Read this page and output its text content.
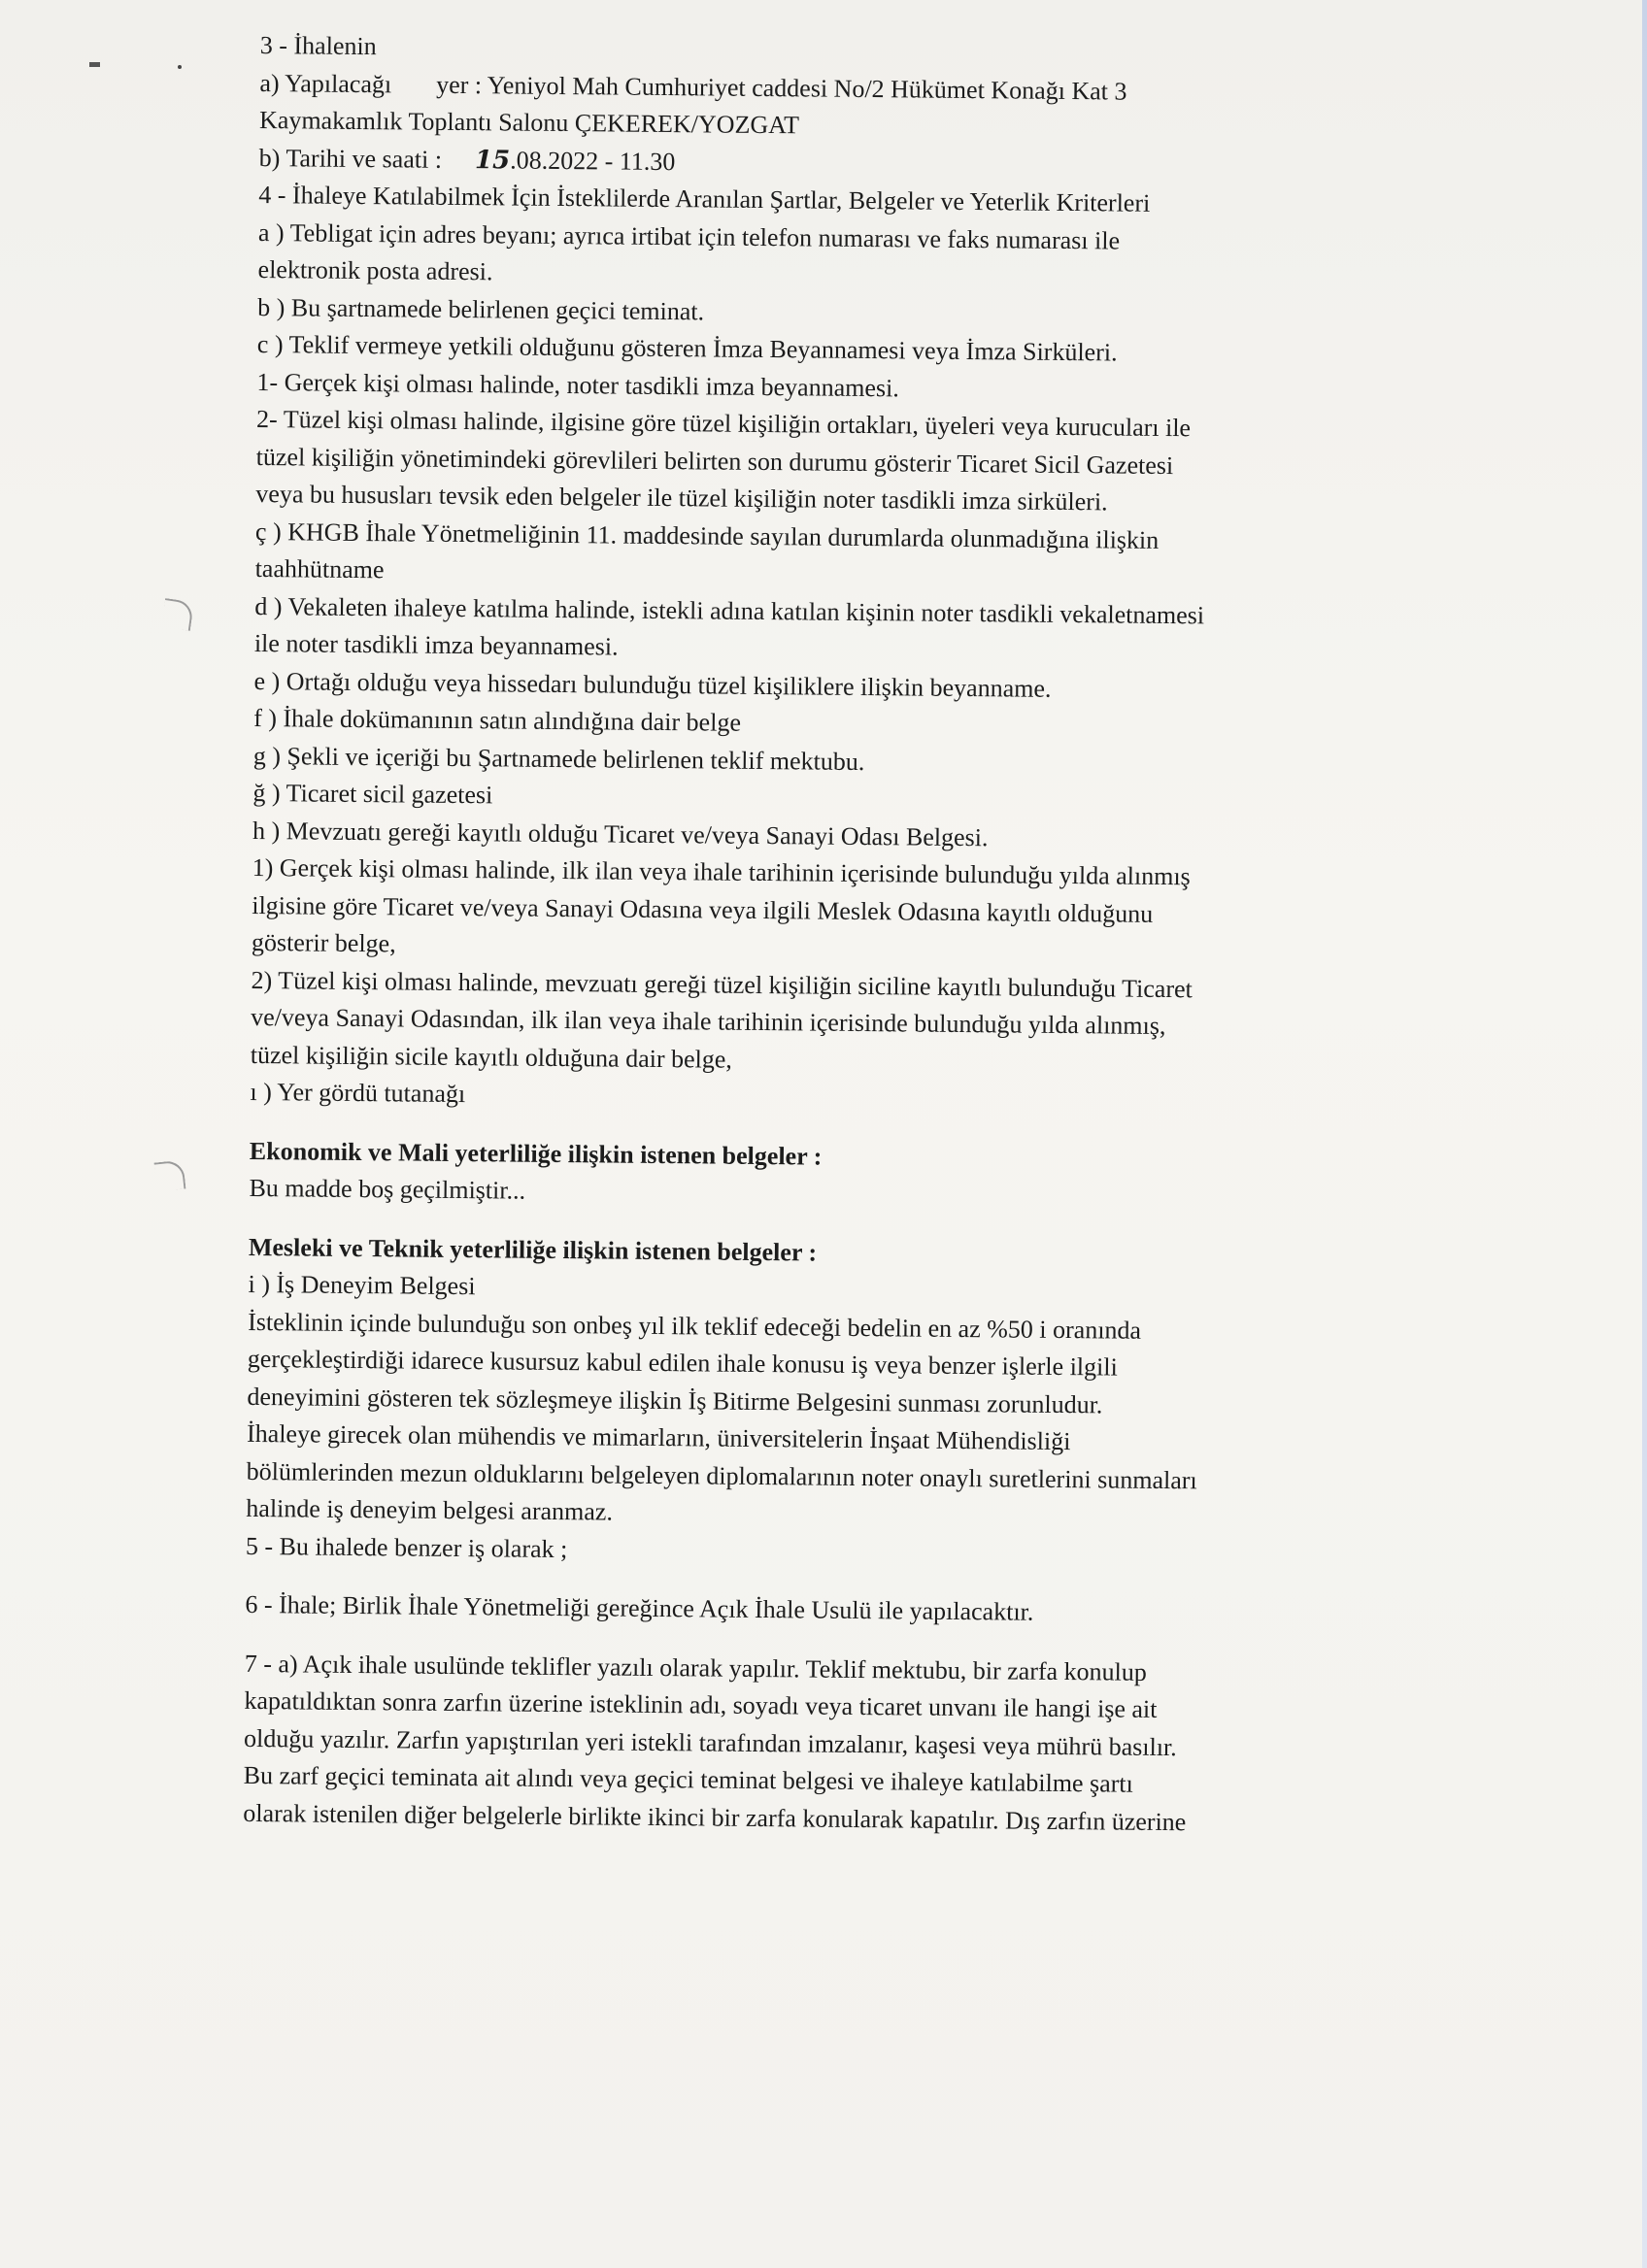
3 - İhalenin
a) Yapılacağı yer : Yeniyol Mah Cumhuriyet caddesi No/2 Hükümet Konağı Kat 3
Kaymakamlık Toplantı Salonu ÇEKEREK/YOZGAT
b) Tarihi ve saati : 15.08.2022 - 11.30
4 - İhaleye Katılabilmek İçin İsteklilerde Aranılan Şartlar, Belgeler ve Yeterlik Kriterleri
a ) Tebligat için adres beyanı; ayrıca irtibat için telefon numarası ve faks numarası ile
elektronik posta adresi.
b ) Bu şartnamede belirlenen geçici teminat.
c ) Teklif vermeye yetkili olduğunu gösteren İmza Beyannamesi veya İmza Sirküleri.
1- Gerçek kişi olması halinde, noter tasdikli imza beyannamesi.
2- Tüzel kişi olması halinde, ilgisine göre tüzel kişiliğin ortakları, üyeleri veya kurucuları ile
tüzel kişiliğin yönetimindeki görevlileri belirten son durumu gösterir Ticaret Sicil Gazetesi
veya bu hususları tevsik eden belgeler ile tüzel kişiliğin noter tasdikli imza sirküleri.
ç ) KHGB İhale Yönetmeliğinin 11. maddesinde sayılan durumlarda olunmadığına ilişkin
taahhütname
d ) Vekaleten ihaleye katılma halinde, istekli adına katılan kişinin noter tasdikli vekaletnamesi
ile noter tasdikli imza beyannamesi.
e ) Ortağı olduğu veya hissedarı bulunduğu tüzel kişiliklere ilişkin beyanname.
f ) İhale dokümanının satın alındığına dair belge
g ) Şekli ve içeriği bu Şartnamede belirlenen teklif mektubu.
ğ ) Ticaret sicil gazetesi
h ) Mevzuatı gereği kayıtlı olduğu Ticaret ve/veya Sanayi Odası Belgesi.
1) Gerçek kişi olması halinde, ilk ilan veya ihale tarihinin içerisinde bulunduğu yılda alınmış
ilgisine göre Ticaret ve/veya Sanayi Odasına veya ilgili Meslek Odasına kayıtlı olduğunu
gösterir belge,
2) Tüzel kişi olması halinde, mevzuatı gereği tüzel kişiliğin siciline kayıtlı bulunduğu Ticaret
ve/veya Sanayi Odasından, ilk ilan veya ihale tarihinin içerisinde bulunduğu yılda alınmış,
tüzel kişiliğin sicile kayıtlı olduğuna dair belge,
ı ) Yer gördü tutanağı
Ekonomik ve Mali yeterliliğe ilişkin istenen belgeler :
Bu madde boş geçilmiştir...
Mesleki ve Teknik yeterliliğe ilişkin istenen belgeler :
i ) İş Deneyim Belgesi
İsteklinin içinde bulunduğu son onbeş yıl ilk teklif edeceği bedelin en az %50 i oranında
gerçekleştirdiği idarece kusursuz kabul edilen ihale konusu iş veya benzer işlerle ilgili
deneyimini gösteren tek sözleşmeye ilişkin İş Bitirme Belgesini sunması zorunludur.
İhaleye girecek olan mühendis ve mimarların, üniversitelerin İnşaat Mühendisliği
bölümlerinden mezun olduklarını belgeleyen diplomalarının noter onaylı suretlerini sunmaları
halinde iş deneyim belgesi aranmaz.
5 - Bu ihalede benzer iş olarak ;
6 - İhale; Birlik İhale Yönetmeliği gereğince Açık İhale Usulü ile yapılacaktır.
7 - a) Açık ihale usulünde teklifler yazılı olarak yapılır. Teklif mektubu, bir zarfa konulup
kapatıldıktan sonra zarfın üzerine isteklinin adı, soyadı veya ticaret unvanı ile hangi işe ait
olduğu yazılır. Zarfın yapıştırılan yeri istekli tarafından imzalanır, kaşesi veya mührü basılır.
Bu zarf geçici teminata ait alındı veya geçici teminat belgesi ve ihaleye katılabilme şartı
olarak istenilen diğer belgelerle birlikte ikinci bir zarfa konularak kapatılır. Dış zarfın üzerine
